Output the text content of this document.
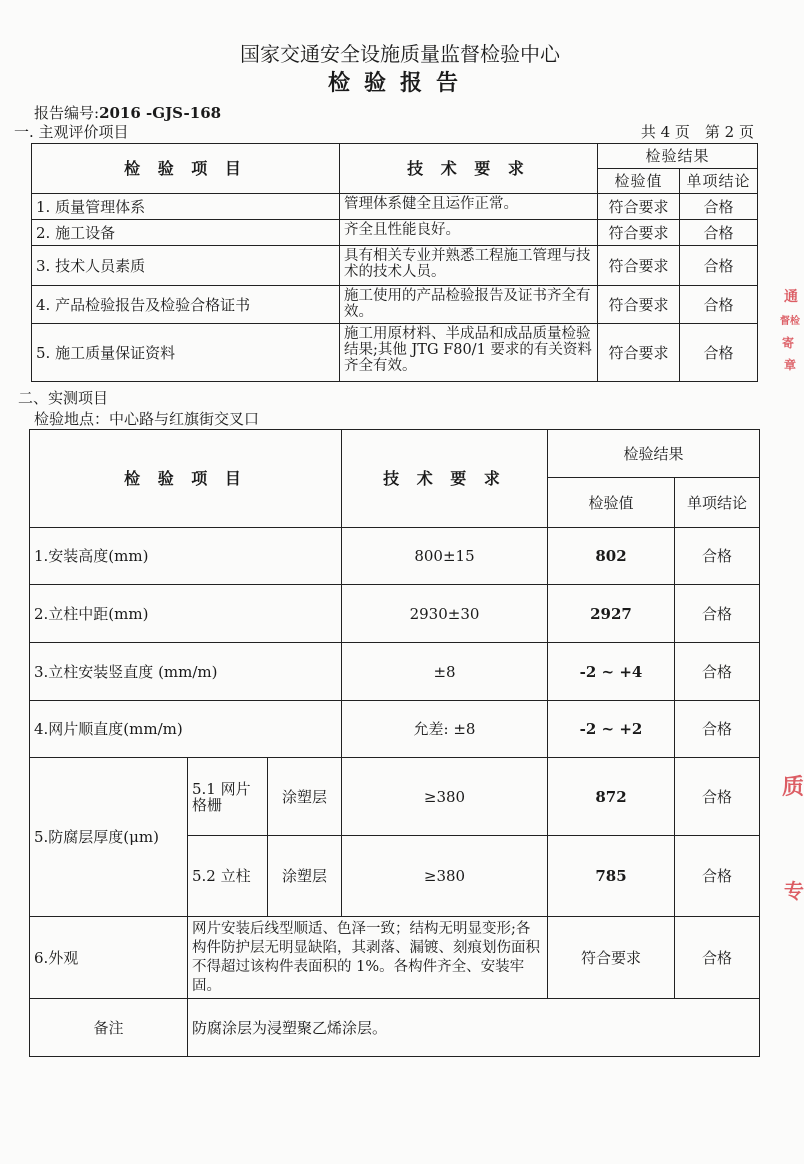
国家交通安全设施质量监督检验中心
检验报告
报告编号:2016 -GJS-168
一. 主观评价项目	共 4 页　第 2 页
检 验 项 目	技 术 要 求	检验结果	
		检验值	单项结论
1. 质量管理体系	管理体系健全且运作正常。	符合要求	合格
2. 施工设备	齐全且性能良好。	符合要求	合格
3. 技术人员素质	具有相关专业并熟悉工程施工管理与技术的技术人员。	符合要求	合格
4. 产品检验报告及检验合格证书	施工使用的产品检验报告及证书齐全有效。	符合要求	合格
5. 施工质量保证资料	施工用原材料、半成品和成品质量检验结果;其他 JTG F80/1 要求的有关资料齐全有效。	符合要求	合格
二、实测项目
检验地点：中心路与红旗街交叉口
检 验 项 目			技 术 要 求	检验结果	
				检验值	单项结论
1.安装高度(mm)			800±15	802	合格
2.立柱中距(mm)			2930±30	2927	合格
3.立柱安装竖直度 (mm/m)			±8	-2 ~ +4	合格
4.网片顺直度(mm/m)			允差: ±8	-2 ~ +2	合格
5.防腐层厚度(μm)	5.1 网片格栅	涂塑层	≥380	872	合格
	5.2 立柱	涂塑层	≥380	785	合格
6.外观	网片安装后线型顺适、色泽一致；结构无明显变形;各构件防护层无明显缺陷，其剥落、漏镀、刻痕划伤面积不得超过该构件表面积的 1%。各构件齐全、安装牢固。			符合要求	合格
备注	防腐涂层为浸塑聚乙烯涂层。				
通
督检
寄
章
质
专
